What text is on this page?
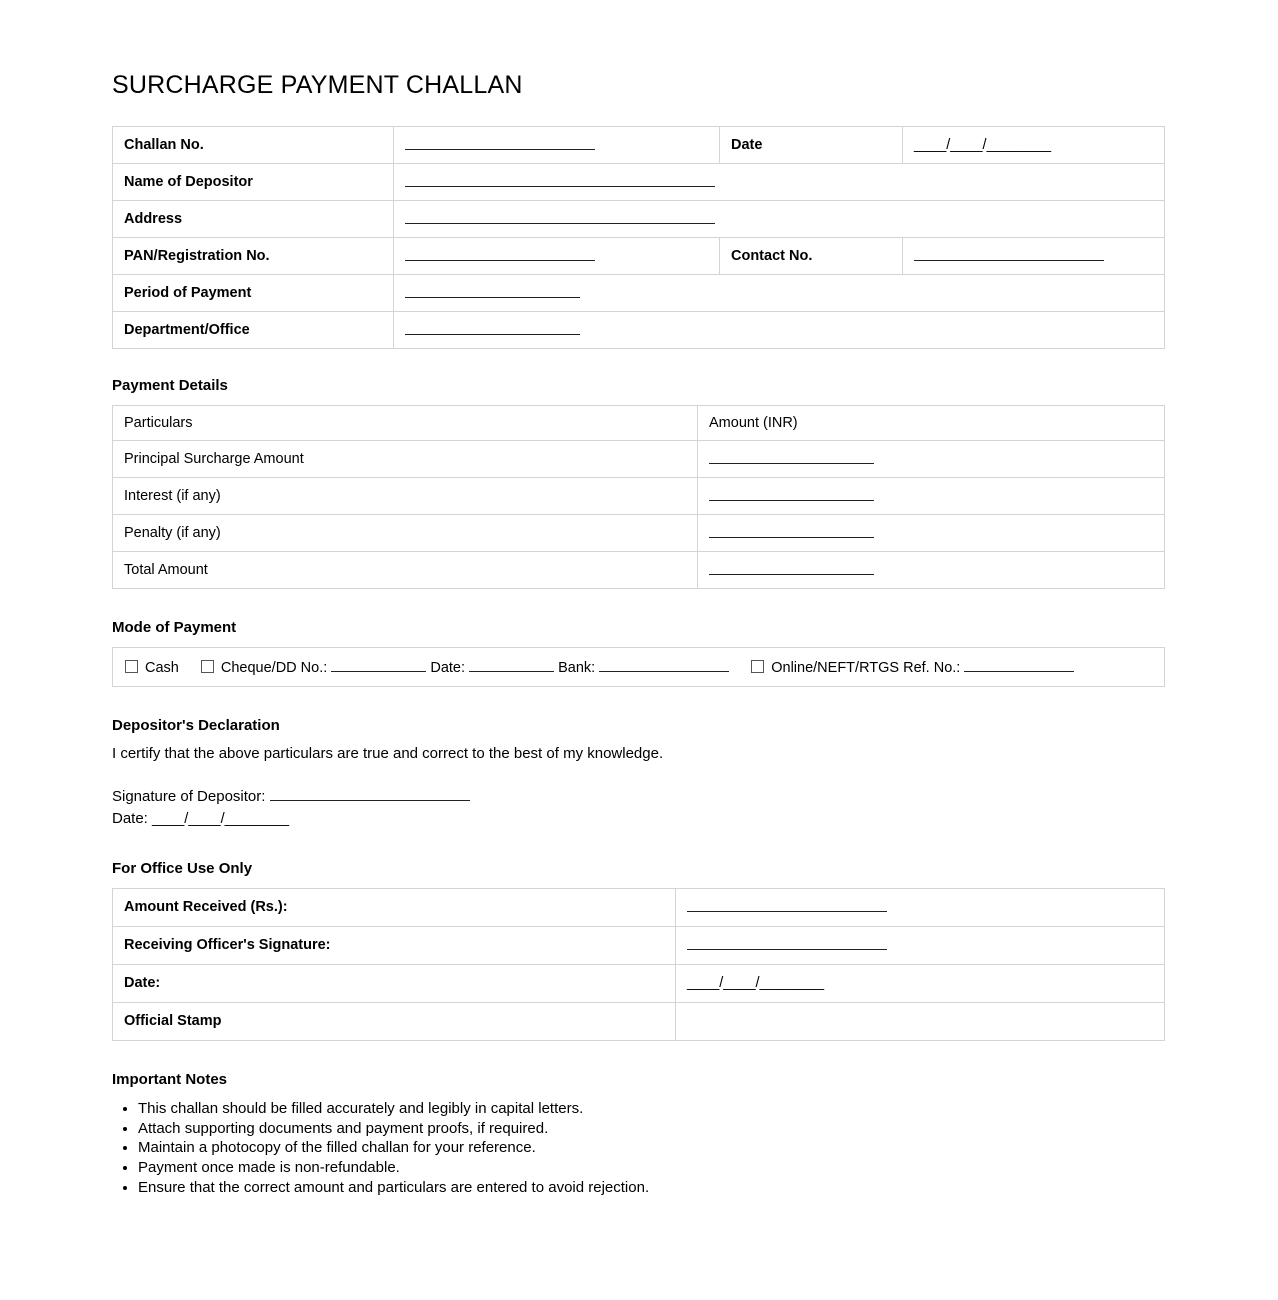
SURCHARGE PAYMENT CHALLAN
Challan No.		Date	____/____/________
Name of Depositor			
Address			
PAN/Registration No.		Contact No.	
Period of Payment			
Department/Office			
Payment Details
Particulars	Amount (INR)
Principal Surcharge Amount	
Interest (if any)	
Penalty (if any)	
Total Amount	
Mode of Payment
Cash	Cheque/DD No.:	Date:	Bank:	Online/NEFT/RTGS Ref. No.:
Depositor's Declaration

I certify that the above particulars are true and correct to the best of my knowledge.

Signature of Depositor:

Date: ____/____/________

For Office Use Only
Amount Received (Rs.):	
Receiving Officer's Signature:	
Date:	____/____/________
Official Stamp	
Important Notes
• This challan should be filled accurately and legibly in capital letters.
• Attach supporting documents and payment proofs, if required.
• Maintain a photocopy of the filled challan for your reference.
• Payment once made is non-refundable.
• Ensure that the correct amount and particulars are entered to avoid rejection.
